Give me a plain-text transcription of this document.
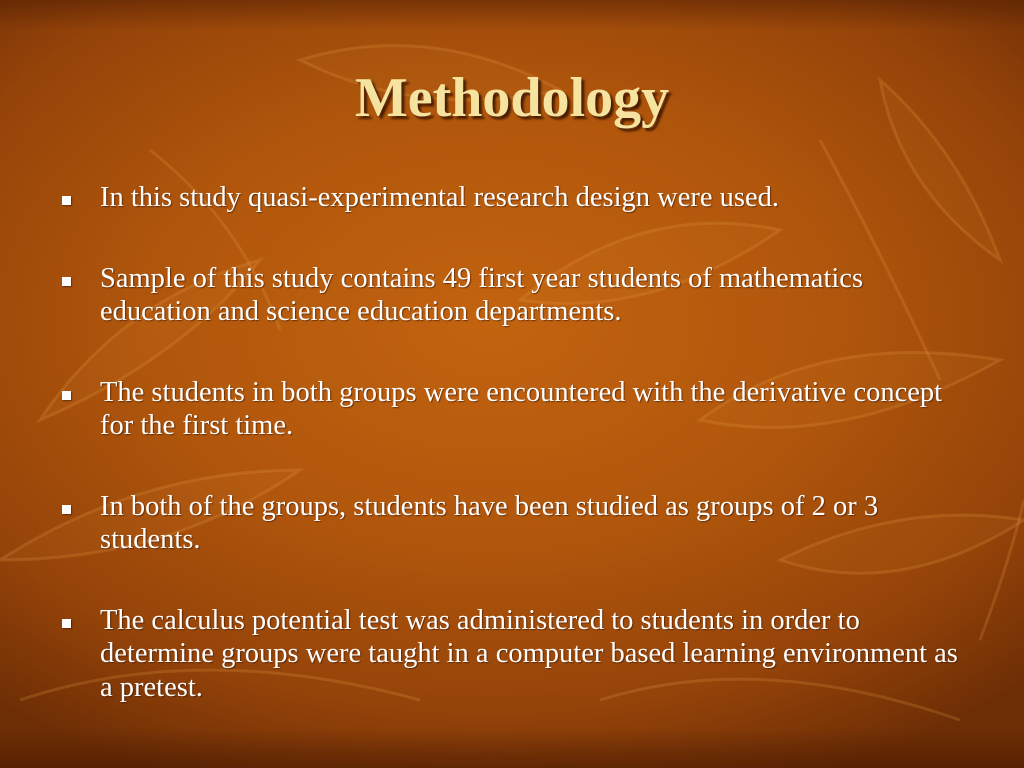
Methodology
In this study quasi-experimental research design were used.
Sample of this study contains 49 first year students of mathematics education and science education departments.
The students in both groups were encountered with the derivative concept for the first time.
In both of the groups, students have been studied as groups of 2 or 3 students.
The calculus potential test was administered to students in order to determine groups were taught in a computer based learning environment as a pretest.
